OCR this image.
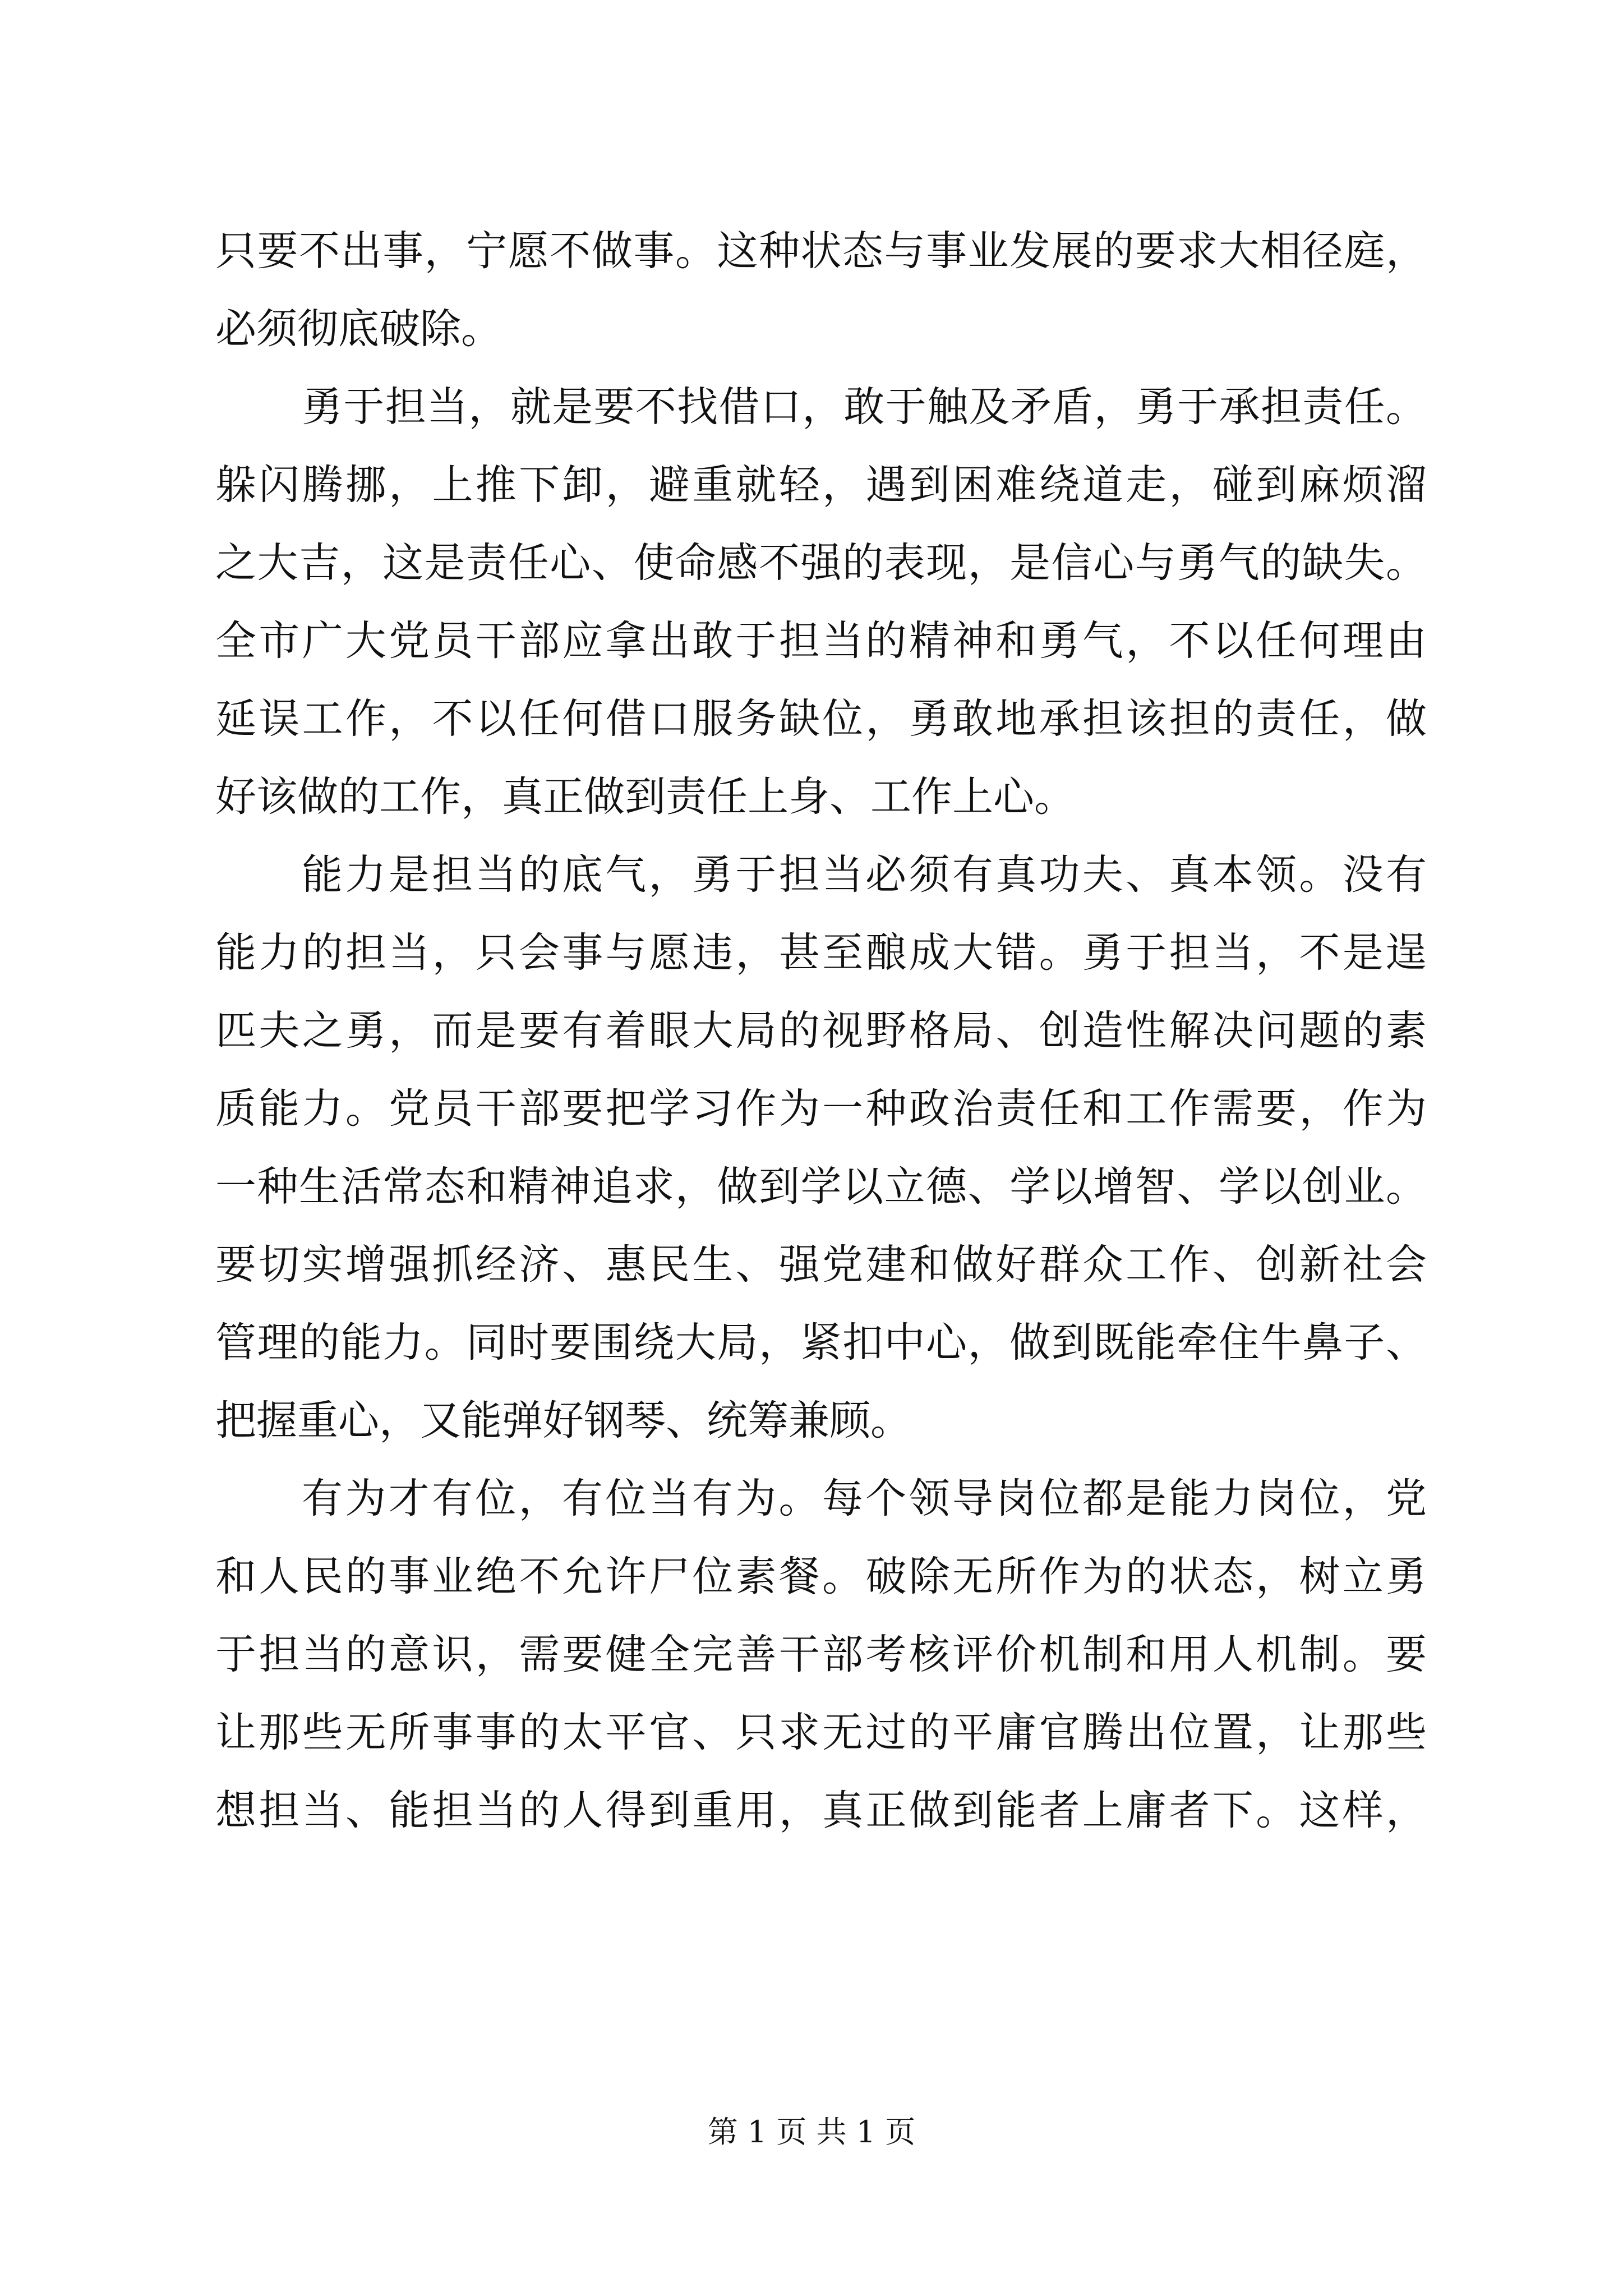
只要不出事，宁愿不做事。这种状态与事业发展的要求大相径庭，
必须彻底破除。
勇于担当，就是要不找借口，敢于触及矛盾，勇于承担责任。
躲闪腾挪，上推下卸，避重就轻，遇到困难绕道走，碰到麻烦溜
之大吉，这是责任心、使命感不强的表现，是信心与勇气的缺失。
全市广大党员干部应拿出敢于担当的精神和勇气，不以任何理由
延误工作，不以任何借口服务缺位，勇敢地承担该担的责任，做
好该做的工作，真正做到责任上身、工作上心。
能力是担当的底气，勇于担当必须有真功夫、真本领。没有
能力的担当，只会事与愿违，甚至酿成大错。勇于担当，不是逞
匹夫之勇，而是要有着眼大局的视野格局、创造性解决问题的素
质能力。党员干部要把学习作为一种政治责任和工作需要，作为
一种生活常态和精神追求，做到学以立德、学以增智、学以创业。
要切实增强抓经济、惠民生、强党建和做好群众工作、创新社会
管理的能力。同时要围绕大局，紧扣中心，做到既能牵住牛鼻子、
把握重心，又能弹好钢琴、统筹兼顾。
有为才有位，有位当有为。每个领导岗位都是能力岗位，党
和人民的事业绝不允许尸位素餐。破除无所作为的状态，树立勇
于担当的意识，需要健全完善干部考核评价机制和用人机制。要
让那些无所事事的太平官、只求无过的平庸官腾出位置，让那些
想担当、能担当的人得到重用，真正做到能者上庸者下。这样，
第 1 页 共 1 页
